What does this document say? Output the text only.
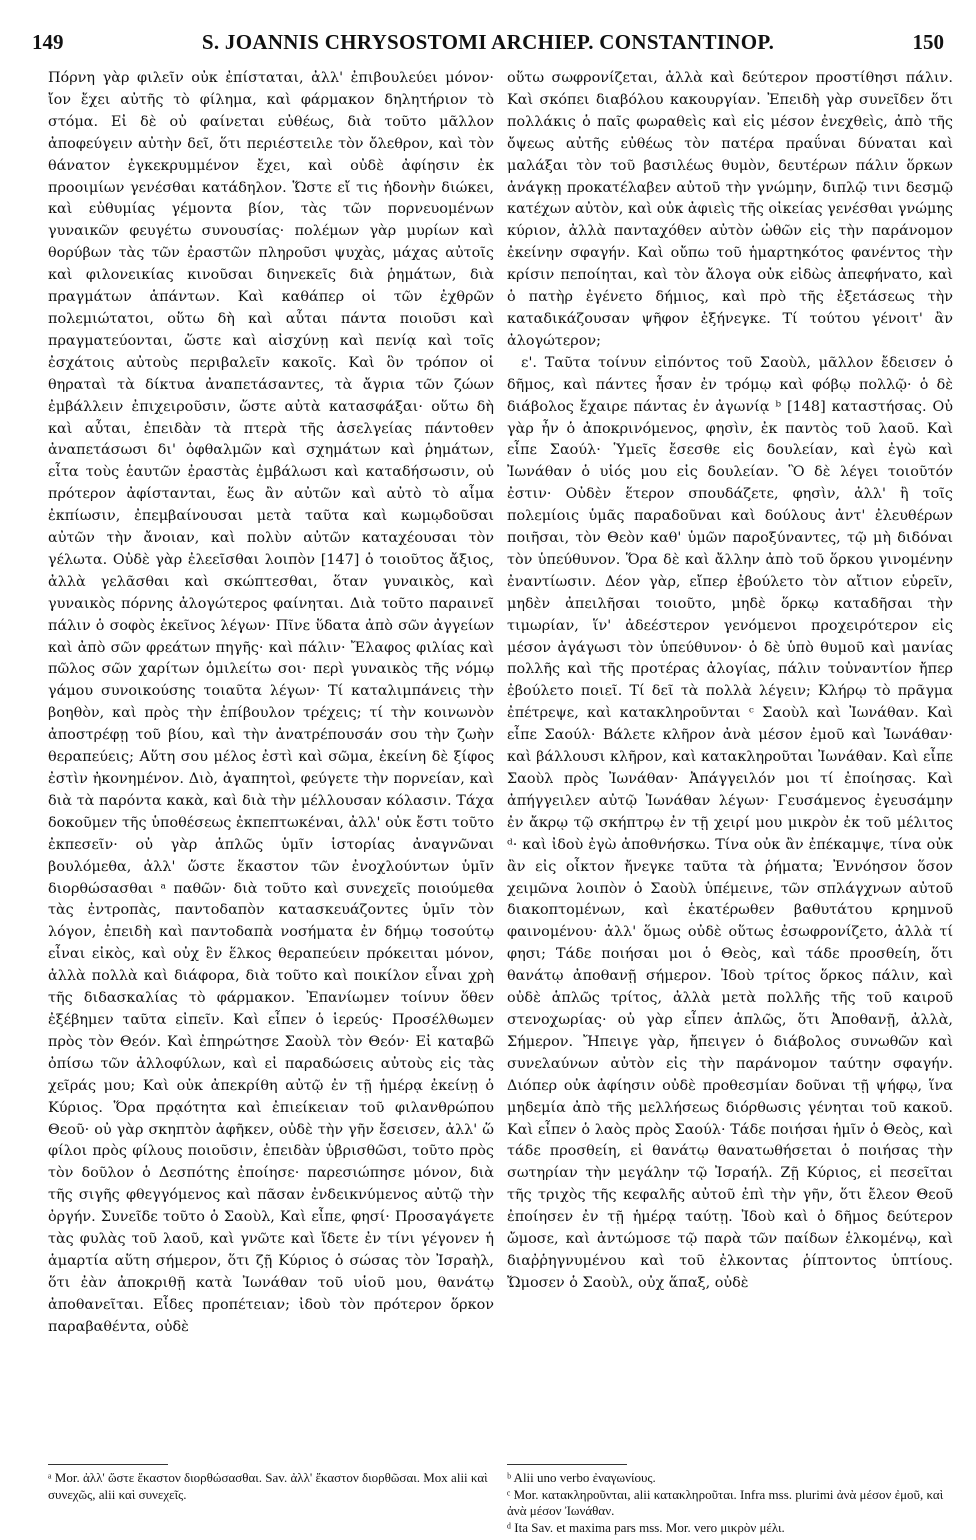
149	S. JOANNIS CHRYSOSTOMI ARCHIEP. CONSTANTINOP.	150

Πόρνη γὰρ φιλεῖν οὐκ ἐπίσταται, ἀλλ' ἐπιβουλεύει μόνον· ἴον ἔχει αὐτῆς τὸ φίλημα, καὶ φάρμακον δηλητήριον τὸ στόμα. Εἰ δὲ οὐ φαίνεται εὐθέως, διὰ τοῦτο μᾶλλον ἀποφεύγειν αὐτὴν δεῖ, ὅτι περιέστειλε τὸν ὄλεθρον, καὶ τὸν θάνατον ἐγκεκρυμμένον ἔχει, καὶ οὐδὲ ἀφίησιν ἐκ προοιμίων γενέσθαι κατάδηλον. Ὥστε εἴ τις ἡδονὴν διώκει, καὶ εὐθυμίας γέμοντα βίον, τὰς τῶν πορνευομένων γυναικῶν φευγέτω συνουσίας· πολέμων γὰρ μυρίων καὶ θορύβων τὰς τῶν ἐραστῶν πληροῦσι ψυχὰς, μάχας αὐτοῖς καὶ φιλονεικίας κινοῦσαι διηνεκεῖς διὰ ῥημάτων, διὰ πραγμάτων ἁπάντων. Καὶ καθάπερ οἱ τῶν ἐχθρῶν πολεμιώτατοι, οὕτω δὴ καὶ αὗται πάντα ποιοῦσι καὶ πραγματεύονται, ὥστε καὶ αἰσχύνῃ καὶ πενίᾳ καὶ τοῖς ἐσχάτοις αὐτοὺς περιβαλεῖν κακοῖς. Καὶ ὃν τρόπον οἱ θηραταὶ τὰ δίκτυα ἀναπετάσαντες, τὰ ἄγρια τῶν ζώων ἐμβάλλειν ἐπιχειροῦσιν, ὥστε αὐτὰ κατασφάξαι· οὕτω δὴ καὶ αὗται, ἐπειδὰν τὰ πτερὰ τῆς ἀσελγείας πάντοθεν ἀναπετάσωσι δι' ὀφθαλμῶν καὶ σχημάτων καὶ ῥημάτων, εἶτα τοὺς ἑαυτῶν ἐραστὰς ἐμβάλωσι καὶ καταδήσωσιν, οὐ πρότερον ἀφίστανται, ἕως ἂν αὐτῶν καὶ αὐτὸ τὸ αἷμα ἐκπίωσιν, ἐπεμβαίνουσαι μετὰ ταῦτα καὶ κωμῳδοῦσαι αὐτῶν τὴν ἄνοιαν, καὶ πολὺν αὐτῶν καταχέουσαι τὸν γέλωτα. Οὐδὲ γὰρ ἐλεεῖσθαι λοιπὸν [147] ὁ τοιοῦτος ἄξιος, ἀλλὰ γελᾶσθαι καὶ σκώπτεσθαι, ὅταν γυναικὸς, καὶ γυναικὸς πόρνης ἀλογώτερος φαίνηται. Διὰ τοῦτο παραινεῖ πάλιν ὁ σοφὸς ἐκεῖνος λέγων· Πῖνε ὕδατα ἀπὸ σῶν ἀγγείων καὶ ἀπὸ σῶν φρεάτων πηγῆς· καὶ πάλιν· Ἔλαφος φιλίας καὶ πῶλος σῶν χαρίτων ὁμιλείτω σοι· περὶ γυναικὸς τῆς νόμῳ γάμου συνοικούσης τοιαῦτα λέγων· Τί καταλιμπάνεις τὴν βοηθὸν, καὶ πρὸς τὴν ἐπίβουλον τρέχεις; τί τὴν κοινωνὸν ἀποστρέφῃ τοῦ βίου, καὶ τὴν ἀνατρέπουσάν σου τὴν ζωὴν θεραπεύεις; Αὕτη σου μέλος ἐστὶ καὶ σῶμα, ἐκείνη δὲ ξίφος ἐστὶν ἠκονημένον. Διὸ, ἀγαπητοὶ, φεύγετε τὴν πορνείαν, καὶ διὰ τὰ παρόντα κακὰ, καὶ διὰ τὴν μέλλουσαν κόλασιν. Τάχα δοκοῦμεν τῆς ὑποθέσεως ἐκπεπτωκέναι, ἀλλ' οὐκ ἔστι τοῦτο ἐκπεσεῖν· οὐ γὰρ ἁπλῶς ὑμῖν ἱστορίας ἀναγνῶναι βουλόμεθα, ἀλλ' ὥστε ἕκαστον τῶν ἐνοχλούντων ὑμῖν διορθώσασθαι ᵃ παθῶν· διὰ τοῦτο καὶ συνεχεῖς ποιούμεθα τὰς ἐντροπὰς, παντοδαπὸν κατασκευάζοντες ὑμῖν τὸν λόγον, ἐπειδὴ καὶ παντοδαπὰ νοσήματα ἐν δήμῳ τοσούτῳ εἶναι εἰκὸς, καὶ οὐχ ἓν ἕλκος θεραπεύειν πρόκειται μόνον, ἀλλὰ πολλὰ καὶ διάφορα, διὰ τοῦτο καὶ ποικίλον εἶναι χρὴ τῆς διδασκαλίας τὸ φάρμακον. Ἐπανίωμεν τοίνυν ὅθεν ἐξέβημεν ταῦτα εἰπεῖν. Καὶ εἶπεν ὁ ἱερεύς· Προσέλθωμεν πρὸς τὸν Θεόν. Καὶ ἐπηρώτησε Σαοὺλ τὸν Θεόν· Εἰ καταβῶ ὀπίσω τῶν ἀλλοφύλων, καὶ εἰ παραδώσεις αὐτοὺς εἰς τὰς χεῖράς μου; Καὶ οὐκ ἀπεκρίθη αὐτῷ ἐν τῇ ἡμέρᾳ ἐκείνῃ ὁ Κύριος. Ὅρα πρᾳότητα καὶ ἐπιείκειαν τοῦ φιλανθρώπου Θεοῦ· οὐ γὰρ σκηπτὸν ἀφῆκεν, οὐδὲ τὴν γῆν ἔσεισεν, ἀλλ' ὥ φίλοι πρὸς φίλους ποιοῦσιν, ἐπειδὰν ὑβρισθῶσι, τοῦτο πρὸς τὸν δοῦλον ὁ Δεσπότης ἐποίησε· παρεσιώπησε μόνον, διὰ τῆς σιγῆς φθεγγόμενος καὶ πᾶσαν ἐνδεικνύμενος αὐτῷ τὴν ὀργήν. Συνεῖδε τοῦτο ὁ Σαοὺλ, Καὶ εἶπε, φησί· Προσαγάγετε τὰς φυλὰς τοῦ λαοῦ, καὶ γνῶτε καὶ ἴδετε ἐν τίνι γέγονεν ἡ ἁμαρτία αὕτη σήμερον, ὅτι ζῇ Κύριος ὁ σώσας τὸν Ἰσραὴλ, ὅτι ἐὰν ἀποκριθῇ κατὰ Ἰωνάθαν τοῦ υἱοῦ μου, θανάτῳ ἀποθανεῖται. Εἶδες προπέτειαν; ἰδοὺ τὸν πρότερον ὅρκον παραβαθέντα, οὐδὲ

οὕτω σωφρονίζεται, ἀλλὰ καὶ δεύτερον προστίθησι πάλιν. Καὶ σκόπει διαβόλου κακουργίαν. Ἐπειδὴ γὰρ συνεῖδεν ὅτι πολλάκις ὁ παῖς φωραθεὶς καὶ εἰς μέσον ἐνεχθεὶς, ἀπὸ τῆς ὄψεως αὐτῆς εὐθέως τὸν πατέρα πραΰναι δύναται καὶ μαλάξαι τὸν τοῦ βασιλέως θυμὸν, δευτέρων πάλιν ὅρκων ἀνάγκῃ προκατέλαβεν αὐτοῦ τὴν γνώμην, διπλῷ τινι δεσμῷ κατέχων αὐτὸν, καὶ οὐκ ἀφιεὶς τῆς οἰκείας γενέσθαι γνώμης κύριον, ἀλλὰ πανταχόθεν αὐτὸν ὠθῶν εἰς τὴν παράνομον ἐκείνην σφαγήν. Καὶ οὔπω τοῦ ἡμαρτηκότος φανέντος τὴν κρίσιν πεποίηται, καὶ τὸν ἄλογα οὐκ εἰδὼς ἀπεφήνατο, καὶ ὁ πατὴρ ἐγένετο δήμιος, καὶ πρὸ τῆς ἐξετάσεως τὴν καταδικάζουσαν ψῆφον ἐξήνεγκε. Τί τούτου γένοιτ' ἂν ἀλογώτερον;

ε'. Ταῦτα τοίνυν εἰπόντος τοῦ Σαοὺλ, μᾶλλον ἔδεισεν ὁ δῆμος, καὶ πάντες ἦσαν ἐν τρόμῳ καὶ φόβῳ πολλῷ· ὁ δὲ διάβολος ἔχαιρε πάντας ἐν ἀγωνίᾳ ᵇ [148] καταστήσας. Οὐ γὰρ ἦν ὁ ἀποκρινόμενος, φησὶν, ἐκ παντὸς τοῦ λαοῦ. Καὶ εἶπε Σαούλ· Ὑμεῖς ἔσεσθε εἰς δουλείαν, καὶ ἐγὼ καὶ Ἰωνάθαν ὁ υἱός μου εἰς δουλείαν. Ὃ δὲ λέγει τοιοῦτόν ἐστιν· Οὐδὲν ἕτερον σπουδάζετε, φησὶν, ἀλλ' ἢ τοῖς πολεμίοις ὑμᾶς παραδοῦναι καὶ δούλους ἀντ' ἐλευθέρων ποιῆσαι, τὸν Θεὸν καθ' ὑμῶν παροξύναντες, τῷ μὴ διδόναι τὸν ὑπεύθυνον. Ὅρα δὲ καὶ ἄλλην ἀπὸ τοῦ ὅρκου γινομένην ἐναντίωσιν. Δέον γὰρ, εἴπερ ἐβούλετο τὸν αἴτιον εὑρεῖν, μηδὲν ἀπειλῆσαι τοιοῦτο, μηδὲ ὅρκῳ καταδῆσαι τὴν τιμωρίαν, ἵν' ἀδεέστερον γενόμενοι προχειρότερον εἰς μέσον ἀγάγωσι τὸν ὑπεύθυνον· ὁ δὲ ὑπὸ θυμοῦ καὶ μανίας πολλῆς καὶ τῆς προτέρας ἀλογίας, πάλιν τοὐναντίον ἤπερ ἐβούλετο ποιεῖ. Τί δεῖ τὰ πολλὰ λέγειν; Κλήρῳ τὸ πρᾶγμα ἐπέτρεψε, καὶ κατακληροῦνται ᶜ Σαοὺλ καὶ Ἰωνάθαν. Καὶ εἶπε Σαούλ· Βάλετε κλῆρον ἀνὰ μέσον ἐμοῦ καὶ Ἰωνάθαν· καὶ βάλλουσι κλῆρον, καὶ κατακληροῦται Ἰωνάθαν. Καὶ εἶπε Σαοὺλ πρὸς Ἰωνάθαν· Ἀπάγγειλόν μοι τί ἐποίησας. Καὶ ἀπήγγειλεν αὐτῷ Ἰωνάθαν λέγων· Γευσάμενος ἐγευσάμην ἐν ἄκρῳ τῷ σκήπτρῳ ἐν τῇ χειρί μου μικρὸν ἐκ τοῦ μέλιτος ᵈ· καὶ ἰδοὺ ἐγὼ ἀποθνήσκω. Τίνα οὐκ ἂν ἐπέκαμψε, τίνα οὐκ ἂν εἰς οἶκτον ἤνεγκε ταῦτα τὰ ῥήματα; Ἐννόησον ὅσον χειμῶνα λοιπὸν ὁ Σαοὺλ ὑπέμεινε, τῶν σπλάγχνων αὐτοῦ διακοπτομένων, καὶ ἑκατέρωθεν βαθυτάτου κρημνοῦ φαινομένου· ἀλλ' ὅμως οὐδὲ οὕτως ἐσωφρονίζετο, ἀλλὰ τί φησι; Τάδε ποιήσαι μοι ὁ Θεὸς, καὶ τάδε προσθείη, ὅτι θανάτῳ ἀποθανῇ σήμερον. Ἰδοὺ τρίτος ὅρκος πάλιν, καὶ οὐδὲ ἁπλῶς τρίτος, ἀλλὰ μετὰ πολλῆς τῆς τοῦ καιροῦ στενοχωρίας· οὐ γὰρ εἶπεν ἁπλῶς, ὅτι Ἀποθανῇ, ἀλλὰ, Σήμερον. Ἤπειγε γὰρ, ἤπειγεν ὁ διάβολος συνωθῶν καὶ συνελαύνων αὐτὸν εἰς τὴν παράνομον ταύτην σφαγήν. Διόπερ οὐκ ἀφίησιν οὐδὲ προθεσμίαν δοῦναι τῇ ψήφῳ, ἵνα μηδεμία ἀπὸ τῆς μελλήσεως διόρθωσις γένηται τοῦ κακοῦ. Καὶ εἶπεν ὁ λαὸς πρὸς Σαούλ· Τάδε ποιήσαι ἡμῖν ὁ Θεὸς, καὶ τάδε προσθείη, εἰ θανάτῳ θανατωθήσεται ὁ ποιήσας τὴν σωτηρίαν τὴν μεγάλην τῷ Ἰσραήλ. Ζῇ Κύριος, εἰ πεσεῖται τῆς τριχὸς τῆς κεφαλῆς αὐτοῦ ἐπὶ τὴν γῆν, ὅτι ἔλεον Θεοῦ ἐποίησεν ἐν τῇ ἡμέρᾳ ταύτῃ. Ἰδοὺ καὶ ὁ δῆμος δεύτερον ὤμοσε, καὶ ἀντώμοσε τῷ παρὰ τῶν παίδων ἑλκομένῳ, καὶ διαῤῥηγνυμένου καὶ τοῦ ἐλκοντας ῥίπτοντος ὑπτίους. Ὤμοσεν ὁ Σαοὺλ, οὐχ ἅπαξ, οὐδὲ

ᵃ Mor. ἀλλ' ὥστε ἕκαστον διορθώσασθαι. Sav. ἀλλ' ἕκαστον διορθῶσαι. Mox alii καὶ συνεχῶς, alii καὶ συνεχεῖς.
ᵇ Alii uno verbo ἐναγωνίους.
ᶜ Mor. κατακληροῦνται, alii κατακληροῦται. Infra mss. plurimi ἀνὰ μέσον ἐμοῦ, καὶ ἀνὰ μέσον Ἰωνάθαν.
ᵈ Ita Sav. et maxima pars mss. Mor. vero μικρὸν μέλι.
